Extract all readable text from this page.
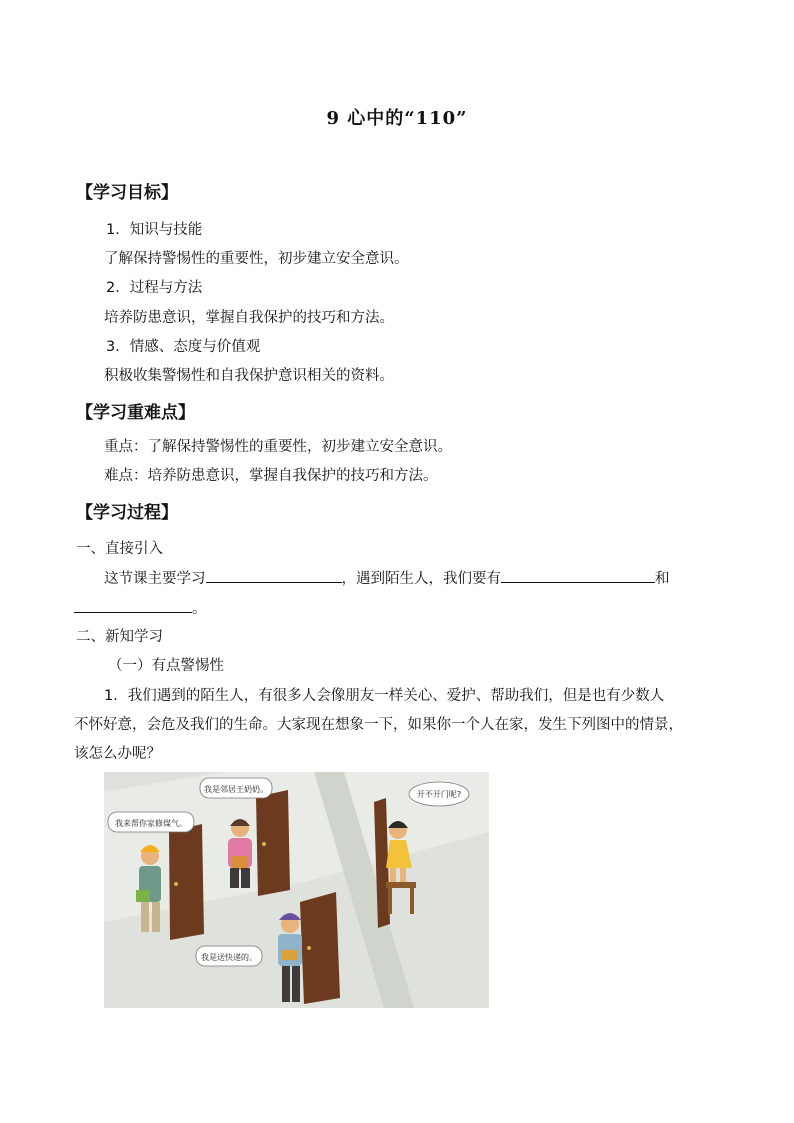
9 心中的“110”
【学习目标】
1．知识与技能
了解保持警惕性的重要性，初步建立安全意识。
2．过程与方法
培养防患意识，掌握自我保护的技巧和方法。
3．情感、态度与价值观
积极收集警惕性和自我保护意识相关的资料。
【学习重难点】
重点：了解保持警惕性的重要性，初步建立安全意识。
难点：培养防患意识，掌握自我保护的技巧和方法。
【学习过程】
一、直接引入
这节课主要学习	，遇到陌生人，我们要有	和
。
二、新知学习
（一）有点警惕性
1．我们遇到的陌生人，有很多人会像朋友一样关心、爱护、帮助我们，但是也有少数人
不怀好意，会危及我们的生命。大家现在想象一下，如果你一个人在家，发生下列图中的情景，
该怎么办呢？
我来帮你家修煤气。
我是邻居王奶奶。
开不开门呢?
我是送快递的。
